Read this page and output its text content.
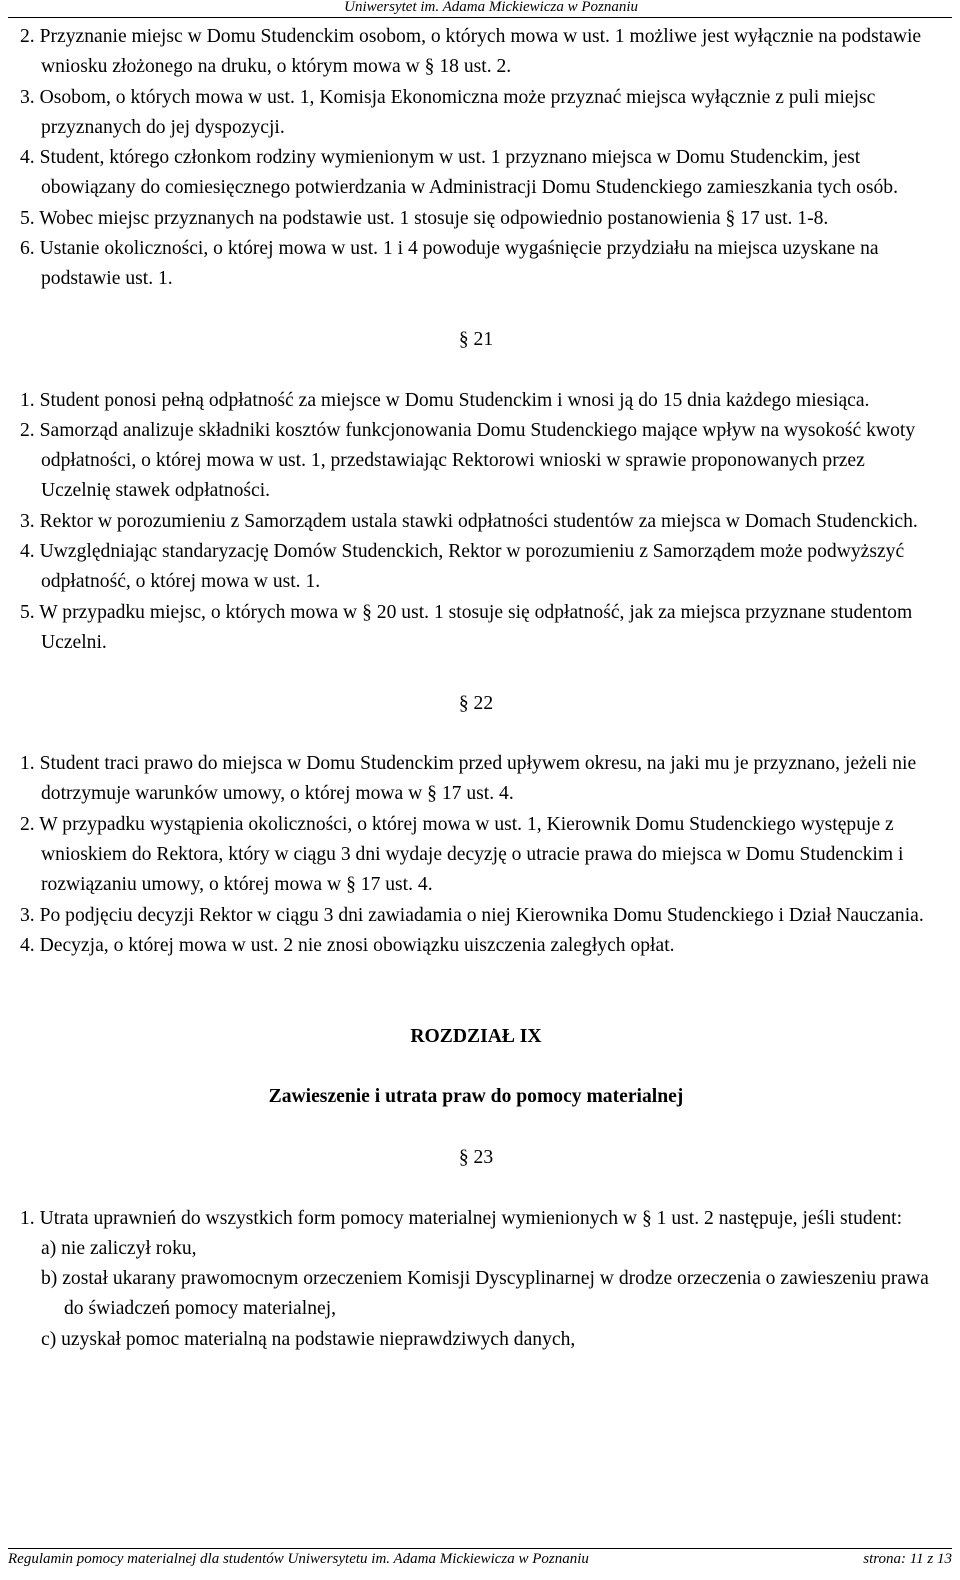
Uniwersytet im. Adama Mickiewicza w Poznaniu

2. Przyznanie miejsc w Domu Studenckim osobom, o których mowa w ust. 1 możliwe jest wyłącznie na podstawie wniosku złożonego na druku, o którym mowa w § 18 ust. 2.

3. Osobom, o których mowa w ust. 1, Komisja Ekonomiczna może przyznać miejsca wyłącznie z puli miejsc przyznanych do jej dyspozycji.

4. Student, którego członkom rodziny wymienionym w ust. 1 przyznano miejsca w Domu Studenckim, jest obowiązany do comiesięcznego potwierdzania w Administracji Domu Studenckiego zamieszkania tych osób.

5. Wobec miejsc przyznanych na podstawie ust. 1 stosuje się odpowiednio postanowienia § 17 ust. 1-8.

6. Ustanie okoliczności, o której mowa w ust. 1 i 4 powoduje wygaśnięcie przydziału na miejsca uzyskane na podstawie ust. 1.

§ 21

1. Student ponosi pełną odpłatność za miejsce w Domu Studenckim i wnosi ją do 15 dnia każdego miesiąca.

2. Samorząd analizuje składniki kosztów funkcjonowania Domu Studenckiego mające wpływ na wysokość kwoty odpłatności, o której mowa w ust. 1, przedstawiając Rektorowi wnioski w sprawie proponowanych przez Uczelnię stawek odpłatności.

3. Rektor w porozumieniu z Samorządem ustala stawki odpłatności studentów za miejsca w Domach Studenckich.

4. Uwzględniając standaryzację Domów Studenckich, Rektor w porozumieniu z Samorządem może podwyższyć odpłatność, o której mowa w ust. 1.

5. W przypadku miejsc, o których mowa w § 20 ust. 1 stosuje się odpłatność, jak za miejsca przyznane studentom Uczelni.

§ 22

1. Student traci prawo do miejsca w Domu Studenckim przed upływem okresu, na jaki mu je przyznano, jeżeli nie dotrzymuje warunków umowy, o której mowa w § 17 ust. 4.

2. W przypadku wystąpienia okoliczności, o której mowa w ust. 1, Kierownik Domu Studenckiego występuje z wnioskiem do Rektora, który w ciągu 3 dni wydaje decyzję o utracie prawa do miejsca w Domu Studenckim i rozwiązaniu umowy, o której mowa w § 17 ust. 4.

3. Po podjęciu decyzji Rektor w ciągu 3 dni zawiadamia o niej Kierownika Domu Studenckiego i Dział Nauczania.

4. Decyzja, o której mowa w ust. 2 nie znosi obowiązku uiszczenia zaległych opłat.

ROZDZIAŁ IX

Zawieszenie i utrata praw do pomocy materialnej

§ 23

1. Utrata uprawnień do wszystkich form pomocy materialnej wymienionych w § 1 ust. 2 następuje, jeśli student:

a) nie zaliczył roku,

b) został ukarany prawomocnym orzeczeniem Komisji Dyscyplinarnej w drodze orzeczenia o zawieszeniu prawa do świadczeń pomocy materialnej,

c) uzyskał pomoc materialną na podstawie nieprawdziwych danych,

Regulamin pomocy materialnej dla studentów Uniwersytetu im. Adama Mickiewicza w Poznaniu	strona: 11 z 13
